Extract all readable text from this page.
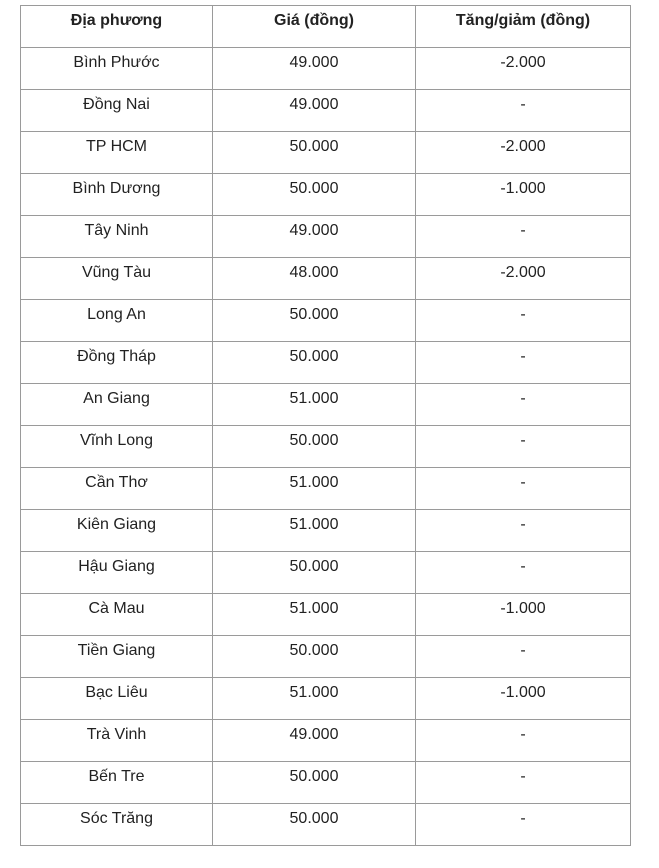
Địa phương	Giá (đồng)	Tăng/giảm (đồng)
Bình Phước	49.000	-2.000
Đồng Nai	49.000	-
TP HCM	50.000	-2.000
Bình Dương	50.000	-1.000
Tây Ninh	49.000	-
Vũng Tàu	48.000	-2.000
Long An	50.000	-
Đồng Tháp	50.000	-
An Giang	51.000	-
Vĩnh Long	50.000	-
Cần Thơ	51.000	-
Kiên Giang	51.000	-
Hậu Giang	50.000	-
Cà Mau	51.000	-1.000
Tiền Giang	50.000	-
Bạc Liêu	51.000	-1.000
Trà Vinh	49.000	-
Bến Tre	50.000	-
Sóc Trăng	50.000	-
